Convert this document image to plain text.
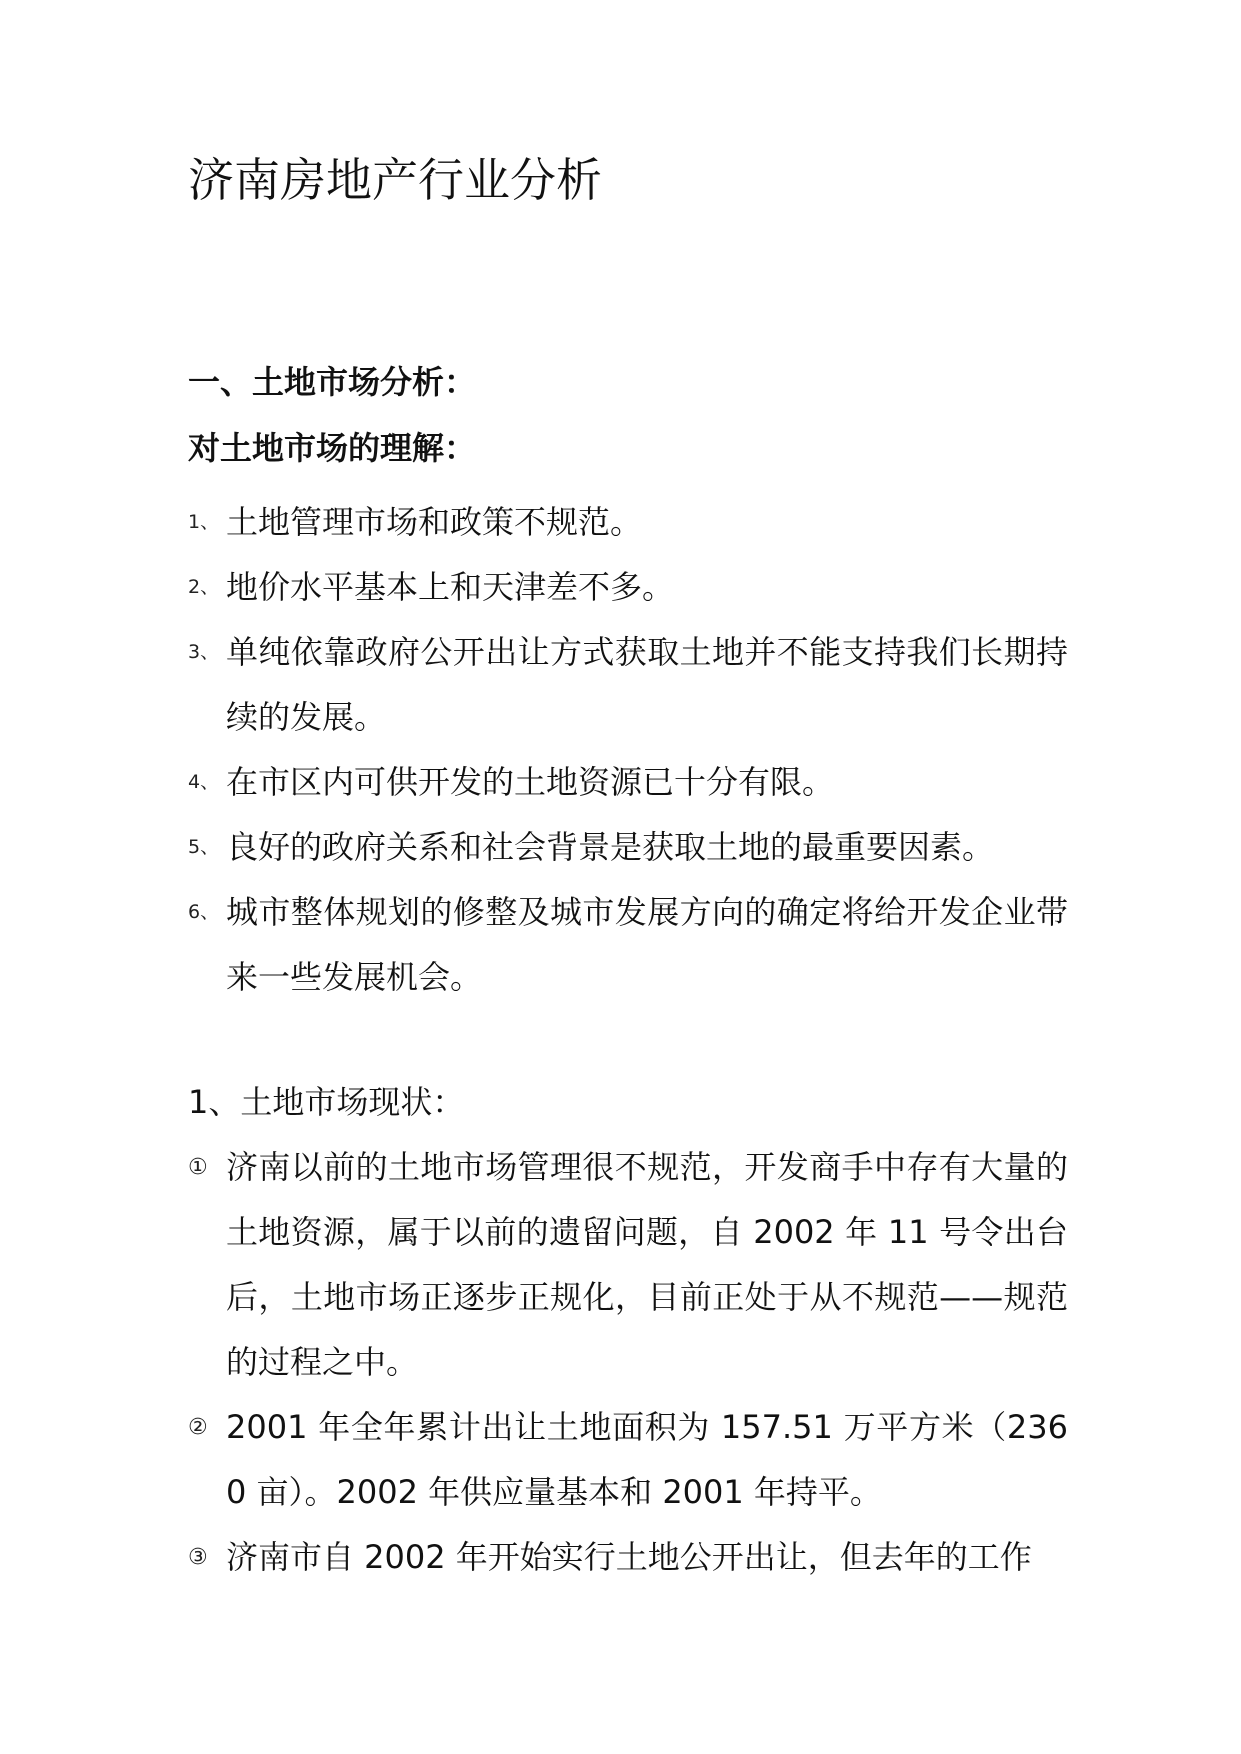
济南房地产行业分析
一、土地市场分析：
对土地市场的理解：
1、 土地管理市场和政策不规范。
2、 地价水平基本上和天津差不多。
3、 单纯依靠政府公开出让方式获取土地并不能支持我们长期持续的发展。
4、 在市区内可供开发的土地资源已十分有限。
5、 良好的政府关系和社会背景是获取土地的最重要因素。
6、 城市整体规划的修整及城市发展方向的确定将给开发企业带来一些发展机会。

1、土地市场现状：

① 济南以前的土地市场管理很不规范，开发商手中存有大量的土地资源，属于以前的遗留问题，自 2002 年 11 号令出台后，土地市场正逐步正规化，目前正处于从不规范——规范的过程之中。
② 2001 年全年累计出让土地面积为 157.51 万平方米（2360 亩）。2002 年供应量基本和 2001 年持平。
③ 济南市自 2002 年开始实行土地公开出让，但去年的工作
